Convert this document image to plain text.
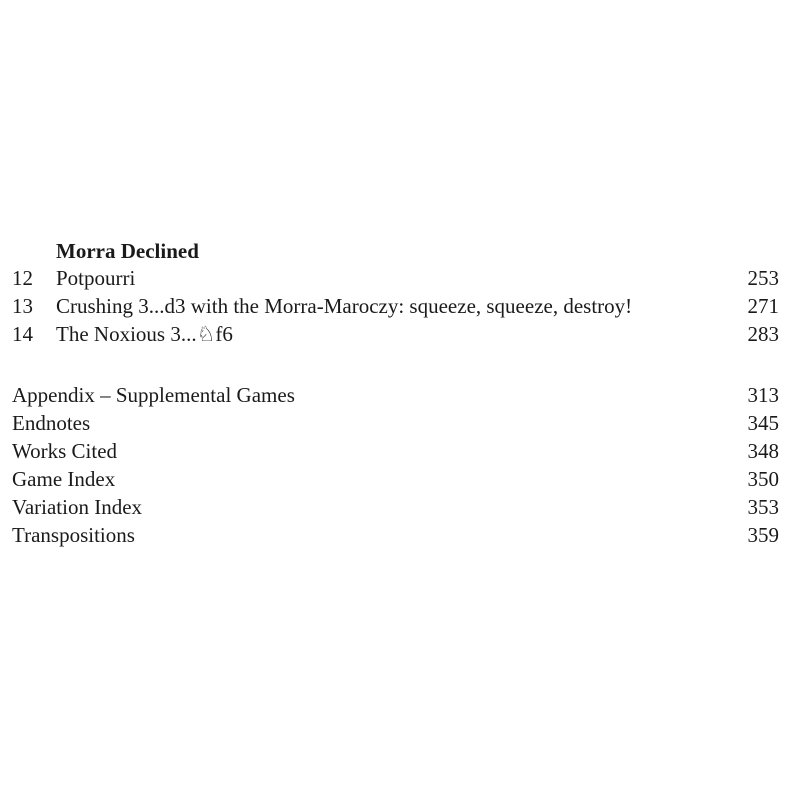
Morra Declined
12 Potpourri	253
13 Crushing 3...d3 with the Morra-Maroczy: squeeze, squeeze, destroy!	271
14 The Noxious 3...♘f6	283
Appendix – Supplemental Games	313
Endnotes	345
Works Cited	348
Game Index	350
Variation Index	353
Transpositions	359
